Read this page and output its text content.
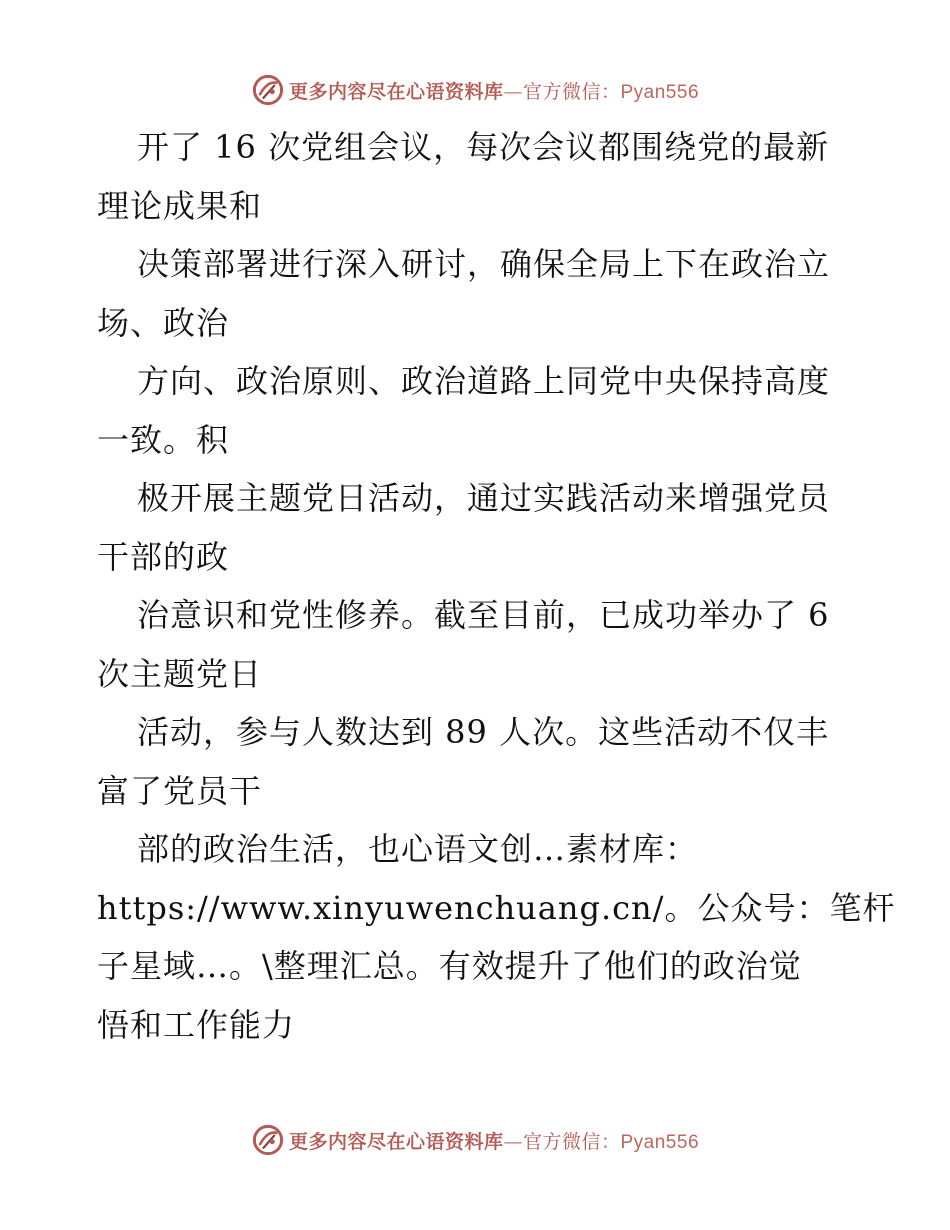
更多内容尽在心语资料库—官方微信：Pyan556
开了 16 次党组会议，每次会议都围绕党的最新
理论成果和
决策部署进行深入研讨，确保全局上下在政治立
场、政治
方向、政治原则、政治道路上同党中央保持高度
一致。积
极开展主题党日活动，通过实践活动来增强党员
干部的政
治意识和党性修养。截至目前，已成功举办了 6
次主题党日
活动，参与人数达到 89 人次。这些活动不仅丰
富了党员干
部的政治生活，也心语文创…素材库：
https://www.xinyuwenchuang.cn/。公众号：笔杆
子星域…。\整理汇总。有效提升了他们的政治觉
悟和工作能力
更多内容尽在心语资料库—官方微信：Pyan556
